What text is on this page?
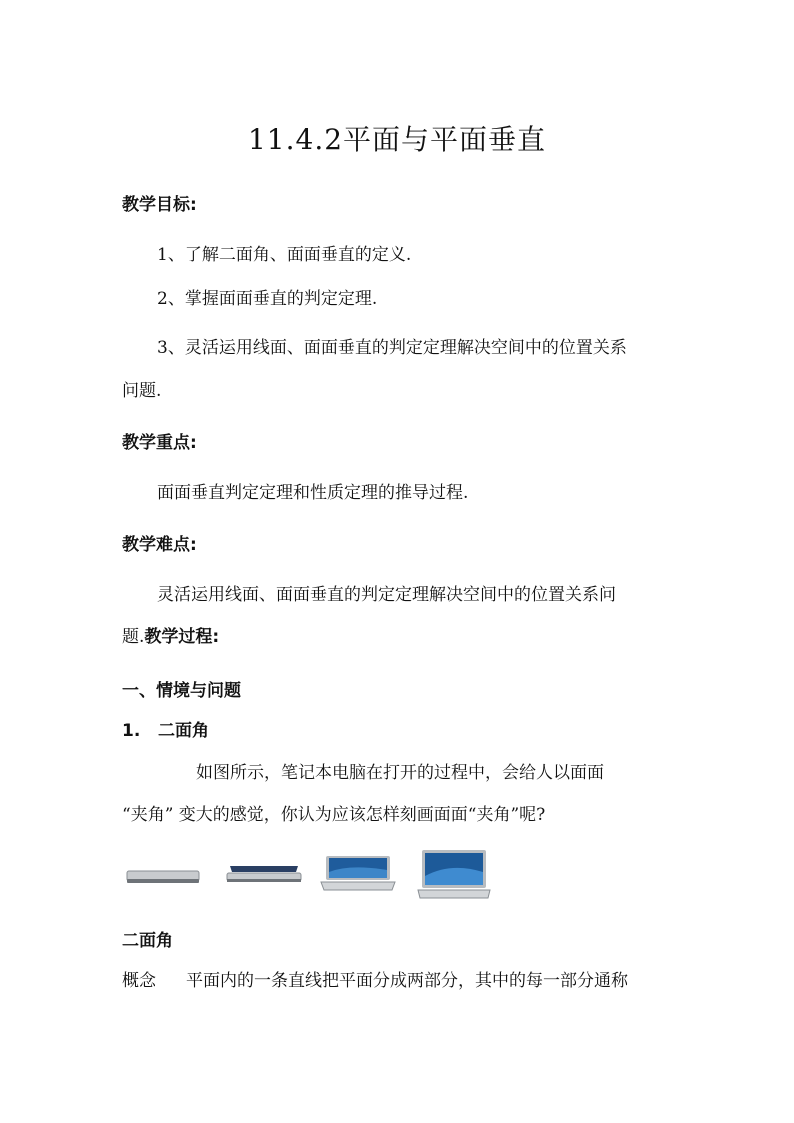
11.4.2平面与平面垂直
教学目标:
1、了解二面角、面面垂直的定义.
2、掌握面面垂直的判定定理.
3、灵活运用线面、面面垂直的判定定理解决空间中的位置关系
问题.
教学重点:
面面垂直判定定理和性质定理的推导过程.
教学难点:
灵活运用线面、面面垂直的判定定理解决空间中的位置关系问
题.教学过程:
一、情境与问题
1.   二面角
如图所示，笔记本电脑在打开的过程中，会给人以面面
“夹角” 变大的感觉，你认为应该怎样刻画面面“夹角”呢?
二面角
概念 平面内的一条直线把平面分成两部分，其中的每一部分通称
